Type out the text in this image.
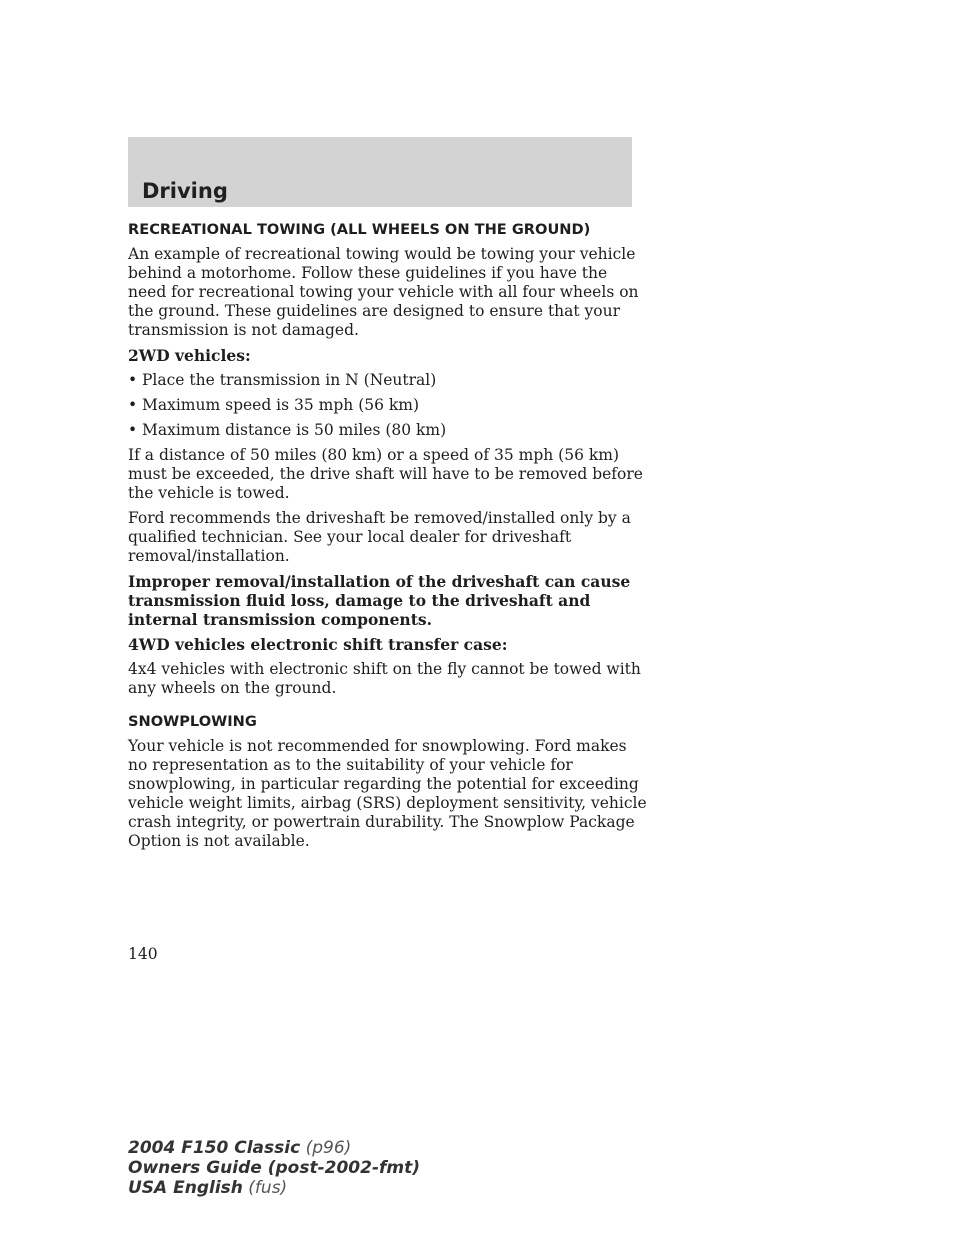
Driving
RECREATIONAL TOWING (ALL WHEELS ON THE GROUND)

An example of recreational towing would be towing your vehicle behind a motorhome. Follow these guidelines if you have the need for recreational towing your vehicle with all four wheels on the ground. These guidelines are designed to ensure that your transmission is not damaged.

2WD vehicles:

• Place the transmission in N (Neutral)
• Maximum speed is 35 mph (56 km)
• Maximum distance is 50 miles (80 km)

If a distance of 50 miles (80 km) or a speed of 35 mph (56 km) must be exceeded, the drive shaft will have to be removed before the vehicle is towed.

Ford recommends the driveshaft be removed/installed only by a qualified technician. See your local dealer for driveshaft removal/installation.

Improper removal/installation of the driveshaft can cause transmission fluid loss, damage to the driveshaft and internal transmission components.

4WD vehicles electronic shift transfer case:

4x4 vehicles with electronic shift on the fly cannot be towed with any wheels on the ground.

SNOWPLOWING

Your vehicle is not recommended for snowplowing. Ford makes no representation as to the suitability of your vehicle for snowplowing, in particular regarding the potential for exceeding vehicle weight limits, airbag (SRS) deployment sensitivity, vehicle crash integrity, or powertrain durability. The Snowplow Package Option is not available.

140
2004 F150 Classic (p96)
Owners Guide (post-2002-fmt)
USA English (fus)
